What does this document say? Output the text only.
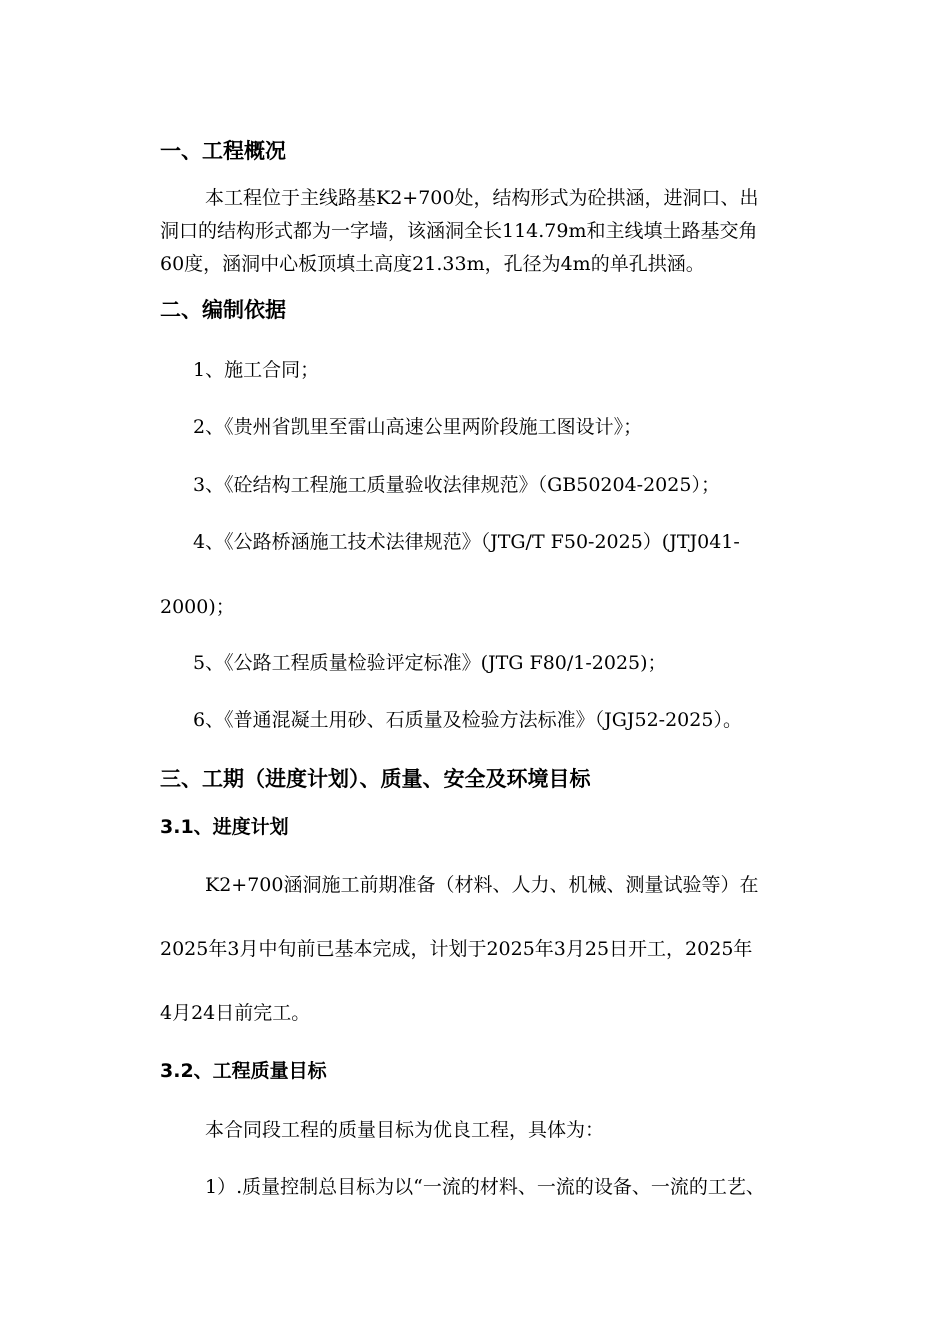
一、工程概况

本工程位于主线路基K2+700处，结构形式为砼拱涵，进洞口、出

洞口的结构形式都为一字墙，该涵洞全长114.79m和主线填土路基交角

60度，涵洞中心板顶填土高度21.33m，孔径为4m的单孔拱涵。

二、编制依据

1、施工合同；

2、《贵州省凯里至雷山高速公里两阶段施工图设计》；

3、《砼结构工程施工质量验收法律规范》（GB50204-2025）；

4、《公路桥涵施工技术法律规范》（JTG/T F50-2025）(JTJ041-

2000)；

5、《公路工程质量检验评定标准》(JTG F80/1-2025)；

6、《普通混凝土用砂、石质量及检验方法标准》（JGJ52-2025）。

三、工期（进度计划）、质量、安全及环境目标
3.1、进度计划

K2+700涵洞施工前期准备（材料、人力、机械、测量试验等）在

2025年3月中旬前已基本完成，计划于2025年3月25日开工，2025年

4月24日前完工。

3.2、工程质量目标

本合同段工程的质量目标为优良工程，具体为：

1）.质量控制总目标为以“一流的材料、一流的设备、一流的工艺、
